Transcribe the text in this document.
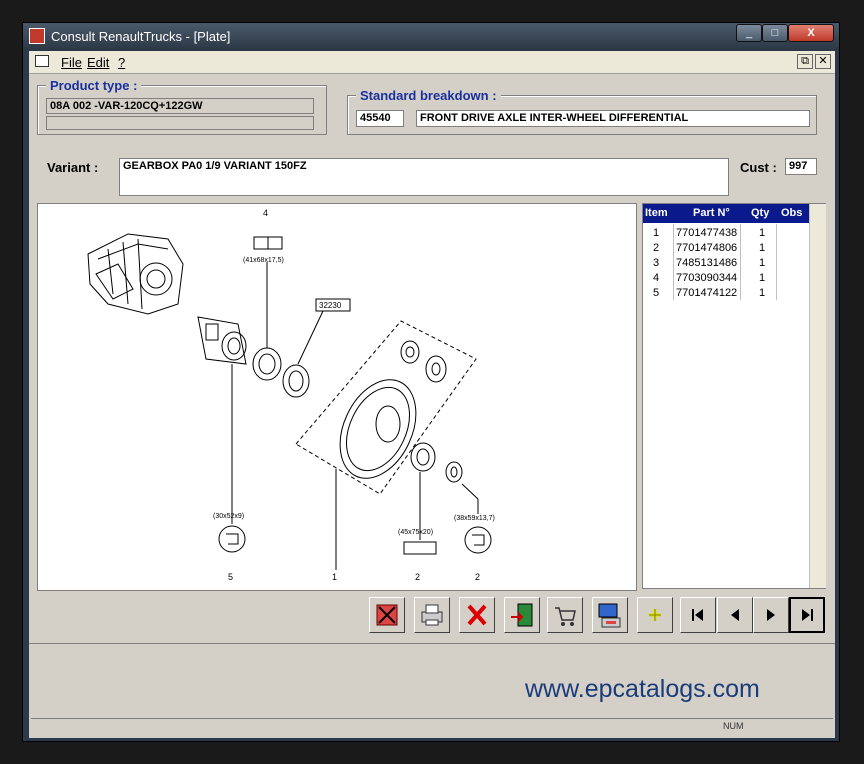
Consult RenaultTrucks - [Plate]	_	□	X
File Edit ?	⧉ ✕
Product type :
08A 002 -VAR-120CQ+122GW
Standard breakdown :
45540	FRONT DRIVE AXLE INTER-WHEEL DIFFERENTIAL
Variant :	GEARBOX PA0 1/9 VARIANT 150FZ	Cust :	997
4
32230
1	2	2
5
(41x68x17,5)
(30x52x9)
(45x75x20)
(38x59x13,7)
Item Part N° Qty Obs
1 7701477438 1
2 7701474806 1
3 7485131486 1
4 7703090344 1
5 7701474122 1
NUM
www.epcatalogs.com
